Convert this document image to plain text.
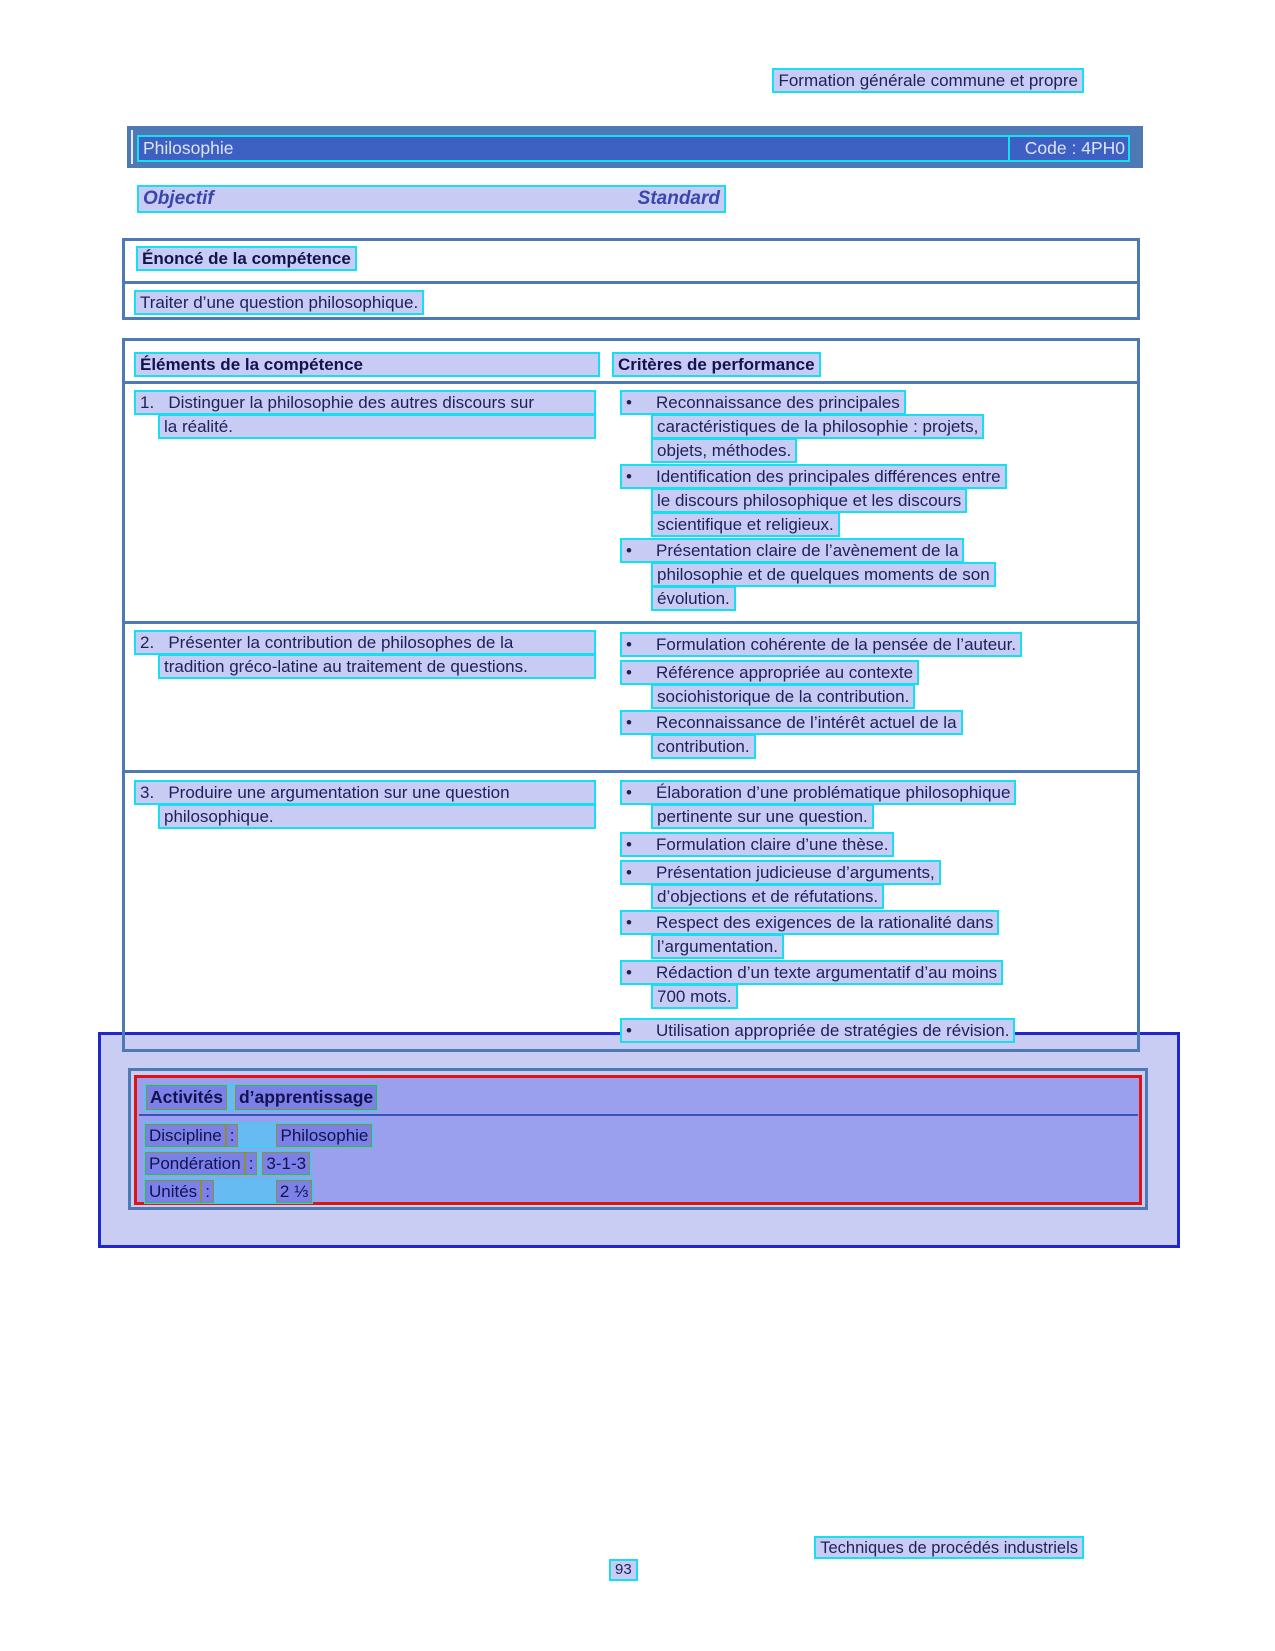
Formation générale commune et propre
Philosophie	Code : 4PH0
Objectif	Standard
Énoncé de la compétence
Traiter d’une question philosophique.
Éléments de la compétence	Critères de performance
1.   Distinguer la philosophie des autres discours sur
la réalité.
•	Reconnaissance des principales
caractéristiques de la philosophie : projets,
objets, méthodes.
•	Identification des principales différences entre
le discours philosophique et les discours
scientifique et religieux.
•	Présentation claire de l’avènement de la
philosophie et de quelques moments de son
évolution.
2.   Présenter la contribution de philosophes de la
tradition gréco-latine au traitement de questions.
•	Formulation cohérente de la pensée de l’auteur.
•	Référence appropriée au contexte
sociohistorique de la contribution.
•	Reconnaissance de l’intérêt actuel de la
contribution.
3.   Produire une argumentation sur une question
philosophique.
•	Élaboration d’une problématique philosophique
pertinente sur une question.
•	Formulation claire d’une thèse.
•	Présentation judicieuse d’arguments,
d’objections et de réfutations.
•	Respect des exigences de la rationalité dans
l’argumentation.
•	Rédaction d’un texte argumentatif d’au moins
700 mots.
•	Utilisation appropriée de stratégies de révision.
Activités d’apprentissage
Discipline :	Philosophie
Pondération : 3-1-3
Unités :	2 ⅓
Techniques de procédés industriels
93
